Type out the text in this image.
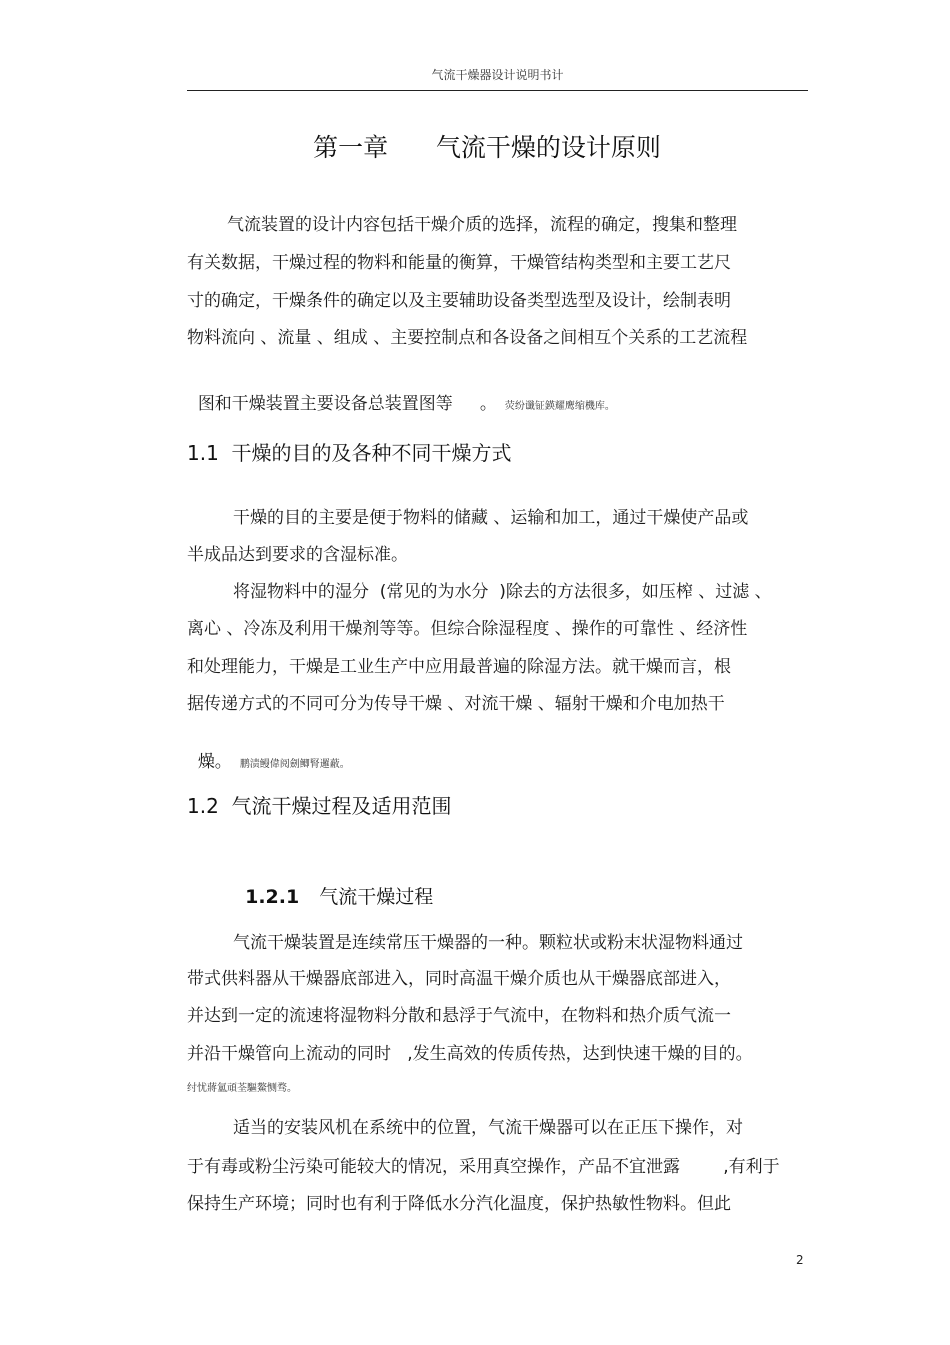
气流干燥器设计说明书计
第一章      气流干燥的设计原则
气流装置的设计内容包括干燥介质的选择，流程的确定，搜集和整理
有关数据，干燥过程的物料和能量的衡算，干燥管结构类型和主要工艺尺
寸的确定，干燥条件的确定以及主要辅助设备类型选型及设计，绘制表明
物料流向 、流量 、组成 、主要控制点和各设备之间相互个关系的工艺流程

图和干燥装置主要设备总装置图等     。 荧纷谶钲鍈耀鹰缩機库。

1.1  干燥的目的及各种不同干燥方式
干燥的目的主要是便于物料的储藏 、运输和加工，通过干燥使产品或
半成品达到要求的含湿标准。
将湿物料中的湿分  (常见的为水分  )除去的方法很多，如压榨 、过滤 、
离心 、冷冻及利用干燥剂等等。但综合除湿程度 、操作的可靠性 、经济性
和处理能力，干燥是工业生产中应用最普遍的除湿方法。就干燥而言，根
据传递方式的不同可分为传导干燥 、对流干燥 、辐射干燥和介电加热干

燥。 鹏渍鳗偉阅劍鲫腎邏蔽。

1.2  气流干燥过程及适用范围

1.2.1 气流干燥过程

气流干燥装置是连续常压干燥器的一种。颗粒状或粉末状湿物料通过
带式供料器从干燥器底部进入，同时高温干燥介质也从干燥器底部进入，
并达到一定的流速将湿物料分散和悬浮于气流中，在物料和热介质气流一
并沿干燥管向上流动的同时   ,发生高效的传质传热，达到快速干燥的目的。
纣忧蔣氳頑荃驅鰲恻骛。
适当的安装风机在系统中的位置，气流干燥器可以在正压下操作，对
于有毒或粉尘污染可能较大的情况，采用真空操作，产品不宜泄露        ,有利于
保持生产环境；同时也有利于降低水分汽化温度，保护热敏性物料。但此
2
